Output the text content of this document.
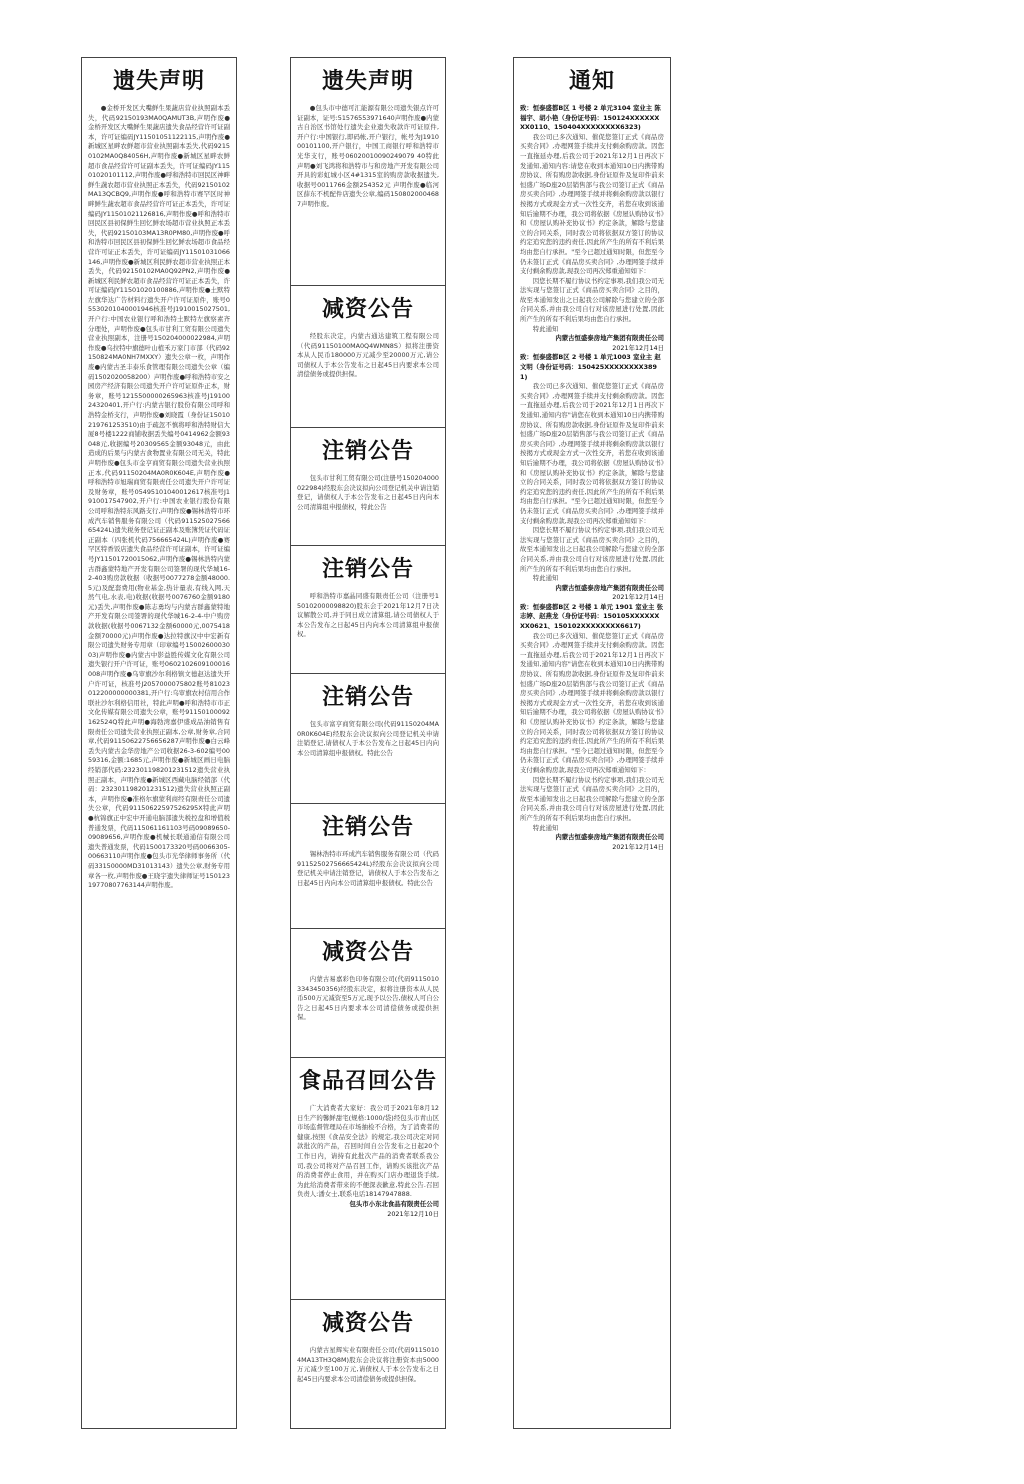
遗失声明

●金桥开发区大嘴鲜生果蔬店营业执照副本丢失，代码92150193MA0QAMUT3B,声明作废●金桥开发区大嘴鲜生果蔬店遗失食品经营许可证副本，许可证编码JY11501051122115,声明作废●新城区星畔农鲜超市营业执照副本丢失,代码92150102MA0Q84056H,声明作废●新城区星畔农鲜超市食品经营许可证副本丢失，许可证编码JY11501020101112,声明作废●呼和浩特市回民区神畔鲜生蔬农超市营业执照正本丢失，代码92150102MA13QCBQ9,声明作废●呼和浩特市赛罕区时神畔鲜生蔬农超市食品经营许可证正本丢失，许可证编码JY11501021126816,声明作废●呼和浩特市回民区县初保鲜生回忆鲜农场超市营业执照正本丢失，代码92150103MA13R0PM80,声明作废●呼和浩特市回民区县初保鲜生回忆鲜农场超市食品经营许可证正本丢失，许可证编码JY11501031066146,声明作废●新城区利民鲜农超市营业执照正本丢失，代码92150102MA0Q92PN2,声明作废●新城区利民鲜农超市食品经营许可证正本丢失，许可证编码JY11501020100886,声明作废●土默特左旗华达广告材料行遗失开户许可证原件，账号05530201040001946核准号J1910015027501,开户行:中国农业银行呼和浩特土默特左旗察素齐分理处，声明作废●包头市甘利工贸有限公司遗失营业执照副本，注册号150204000022984,声明作废●乌拉特中旗德叶山植禾万家门市部（代码92150824MA0NH7MXXY）遗失公章一枚，声明作废●内蒙古圣丰泰乐食管理有限公司遗失公章（编码1502020058200）声明作废●呼和浩特市安之园房产经济有限公司遗失开户许可证原件正本，财务章，账号1215500000265963核准号J1910024320401,开户行:内蒙古银行股份有限公司呼和浩特金桥支行，声明作废●刘晓霞（身份证15010219761253510)由于疏忽不慎将呼和浩特财信大厦8号楼1222商铺收据丢失编号0414962金额93048元,收据编号20309565金额93048元，由此造成的后果与内蒙古食物置业有限公司无关，特此声明作废●包头市金亨商贸有限公司遗失营业执照正本,代码91150204MA0R0K604E,声明作废●呼和浩特市旭瑞商贸有限责任公司遗失开户许可证及财务章，账号05495101040012617核准号J1910017547902,开户行:中国农业银行股份有限公司呼和浩特东风路支行,声明作废●锡林浩特市环成汽车销售服务有限公司（代码91152502756665424L)遗失税务登记证正副本及账簿凭证代码证正副本（四张机代码756665424L)声明作废●赛罕区特香饭店遗失食品经营许可证副本，许可证编号JY11501720015062,声明作废●锡林浩特内蒙古群鑫蒙特地产开发有限公司签署的现代华城16-2-403购房款收据（收据号0077278金额48000.5元)及配套费用(物业基金,热计量表,有线入网,天然气电,水表,电)收据(收据号0076760金额9180元)丢失,声明作废●陈志勇均与内蒙古群鑫蒙特地产开发有限公司签署的现代华城16-2-4-中户购房款收据(收据号0067132金额60000元,0075418金额70000元)声明作废●达拉特旗汉中中宏新有限公司遗失财务专用章（印章编号1500260003003)声明作废●内蒙古中影益胜传媒文化有限公司遗失银行开户许可证，账号0602102609100016008声明作废●乌审旗沙尔利格镇文德赵达遗失开户许可证，核准号J2057000075802账号81023012200000000381,开户行:乌审旗农村信用合作联社沙尔利格信用社，特此声明●呼和浩特市市正文化传媒有限公司遗失公章，账号91150100092162524Q特此声明●海勃湾嘉伊盛成品油销售有限责任公司遗失营业执照正副本,公章,财务章,合同章,代码91150622756656287声明作废●白云峰丢失内蒙古金华房地产公司收据26-3-602编号0059316,金额:1685元,声明作废●新城区画日电脑经销部代码:232301198201231512遗失营业执照正副本，声明作废●新城区西藏电脑经销部（代码：232301198201231512)遗失营业执照正副本，声明作废●准格尔旗蒙利商经有限责任公司遗失公章，代码91150622597526295X特此声明●杭锦旗正中宏中开通电脑部遗失税控盘和增值税普通发票，代码115061161103号码09089650-09089656,声明作废●机械长联通通信有限公司遗失普通发票，代码1500173320号码0066305-00663110声明作废●包头市光华律师事务所（代码33150000MD31013143）遗失公章,财务专用章各一枚,声明作废●王晓宇遗失律师证号15012319770807763144声明作废。

遗失声明

●包头市中德可汇能源有限公司遗失银点许可证副本，证号:51576553971640声明作废●内蒙古自治区书馆处行遗失企业遗失收款许可证原件,开户行:中国银行,即码帐,开户银行，帐号为J191000101100,开户银行，中国工商银行呼和浩特市光华支行，账号06020010090249079 40特此声明●刘飞鸿将和浩特市与和房地产开发有限公司开具的彩虹城小区4#1315室的购房款收据遗失,收据号0011766金额254352元 声明作废●临河区薛东不机配件店遗失公章,编码1508020004687声明作废。

减资公告

经股东决定，内蒙古通达建筑工程有限公司（代码91150100MA0Q4WMN8S）拟将注册资本从人民币180000万元减少至20000万元,请公司债权人于本公告发布之日起45日内要求本公司清偿债务或提供担保。

注销公告

包头市甘利工贸有限公司(注册号150204000022984)经股东会决议拟向公司登记机关申请注销登记，请债权人于本公告发布之日起45日内向本公司清算组申报债权，特此公告

注销公告

呼和浩特市嘉晶同盛有限责任公司（注册号150102000098820)股东会于2021年12月7日决议解散公司,并于同日成立清算组,请公司债权人于本公告发布之日起45日内向本公司清算组申报债权。

注销公告

包头市富亨商贸有限公司(代码91150204MA0R0K604E)经股东会决议拟向公司登记机关申请注销登记,请债权人于本公告发布之日起45日内向本公司清算组申报债权。特此公告

注销公告

锡林浩特市环成汽车销售服务有限公司（代码91152502756665424L)经股东会决议拟向公司登记机关申请注销登记，请债权人于本公告发布之日起45日内向本公司清算组申报债权。特此公告

减资公告

内蒙古易嘉彩色印务有限公司(代码91150103343450356)经股东决定，拟将注册资本从人民币500万元减资至5万元,现予以公告,债权人可自公告之日起45日内要求本公司清偿债务或提供担保。

食品召回公告

广大消费者大家好：我公司于2021年8月12日生产的馨鲜甜宅(规格:1000/袋)经包头市青山区市场监督管理局在市场抽检不合格，为了消费者的健康,按照《食品安全法》的规定,我公司决定对同款批次的产品，召回时间自公告发布之日起20个工作日内，请持有此批次产品的消费者联系我公司,我公司将对产品召回工作，请购买该批次产品的消费者停止食用，并在购买门店办理退货手续,为此给消费者带来的不便深表歉意,特此公告.召回负责人:潘女士,联系电话18147947888.

包头市小东北食品有限责任公司

2021年12月10日

减资公告

内蒙古星辉实业有限责任公司(代码91150104MA13TH3Q8M)股东会决议将注册资本由5000万元减少至100万元,请债权人于本公告发布之日起45日内要求本公司清偿债务或提供担保。

通知

致：恒泰盛都B区 1 号楼 2 单元3104 室业主 陈福宇、胡小艳（身份证号码：150124XXXXXXXX0110、150404XXXXXXXX6323)

我公司已多次通知、催促您签订正式《商品房买卖合同》,办理网签手续并支付剩余购房款。因您一直拖延办理,后我公司于2021年12月1日再次下发通知,通知内容:请您在收到本通知10日内携带购房协议、所有购房款收据,身份证原件及复印件前来恒盛广场D座20层销售部与我公司签订正式《商品房买卖合同》,办理网签手续并将剩余购房款以银行按揭方式或现金方式一次性交齐，若您在收到该通知后逾期不办理，我公司将依据《房屋认购协议书》和《房屋认购补充协议书》约定条款，解除与您建立的合同关系，同时我公司将依据双方签订的协议约定追究您的违约责任,因此所产生的所有不利后果均由您自行承担。"至今已超过通知时限，但您至今仍未签订正式《商品房买卖合同》,办理网签手续并支付剩余购房款,现我公司再次郑重通知如下：

因您长期不履行协议书约定事项,我们我公司无法实现与您签订正式《商品房买卖合同》之目的，故至本通知发出之日起我公司解除与您建立的全部合同关系,并由我公司自行对该房屋进行处置,因此所产生的所有不利后果均由您自行承担。

特此通知

内蒙古恒盛泰房地产集团有限责任公司

2021年12月14日

致：恒泰盛都B区 2 号楼 1 单元1003 室业主 赵文明（身份证号码：150425XXXXXXXX3891)

我公司已多次通知、催促您签订正式《商品房买卖合同》,办理网签手续并支付剩余购房款。因您一直拖延办理,后我公司于2021年12月1日再次下发通知,通知内容"请您在收到本通知10日内携带购房协议、所有购房款收据,身份证原件及复印件前来恒盛广场D座20层销售部与我公司签订正式《商品房买卖合同》,办理网签手续并将剩余购房款以银行按揭方式或现金方式一次性交齐，若您在收到该通知后逾期不办理，我公司将依据《房屋认购协议书》和《房屋认购补充协议书》约定条款，解除与您建立的合同关系，同时我公司将依据双方签订的协议约定追究您的违约责任,因此所产生的所有不利后果均由您自行承担。"至今已超过通知时限，但您至今仍未签订正式《商品房买卖合同》,办理网签手续并支付剩余购房款,现我公司再次郑重通知如下：

因您长期不履行协议书约定事项,我们我公司无法实现与您签订正式《商品房买卖合同》之目的，故至本通知发出之日起我公司解除与您建立的全部合同关系,并由我公司自行对该房屋进行处置,因此所产生的所有不利后果均由您自行承担。

特此通知

内蒙古恒盛泰房地产集团有限责任公司

2021年12月14日

致：恒泰盛都B区 2 号楼 1 单元 1901 室业主 张志婷、赵燕龙（身份证号码：150105XXXXXXXX0621、150102XXXXXXXX6617)

我公司已多次通知、催促您签订正式《商品房买卖合同》,办理网签手续并支付剩余购房款。因您一直拖延办理,后我公司于2021年12月1日再次下发通知,通知内容"请您在收到本通知10日内携带购房协议、所有购房款收据,身份证原件及复印件前来恒盛广场D座20层销售部与我公司签订正式《商品房买卖合同》,办理网签手续并将剩余购房款以银行按揭方式或现金方式一次性交齐，若您在收到该通知后逾期不办理，我公司将依据《房屋认购协议书》和《房屋认购补充协议书》约定条款，解除与您建立的合同关系，同时我公司将依据双方签订的协议约定追究您的违约责任,因此所产生的所有不利后果均由您自行承担。"至今已超过通知时限，但您至今仍未签订正式《商品房买卖合同》,办理网签手续并支付剩余购房款,现我公司再次郑重通知如下：

因您长期不履行协议书约定事项,我们我公司无法实现与您签订正式《商品房买卖合同》之目的，故至本通知发出之日起我公司解除与您建立的全部合同关系,并由我公司自行对该房屋进行处置,因此所产生的所有不利后果均由您自行承担。

特此通知

内蒙古恒盛泰房地产集团有限责任公司

2021年12月14日
